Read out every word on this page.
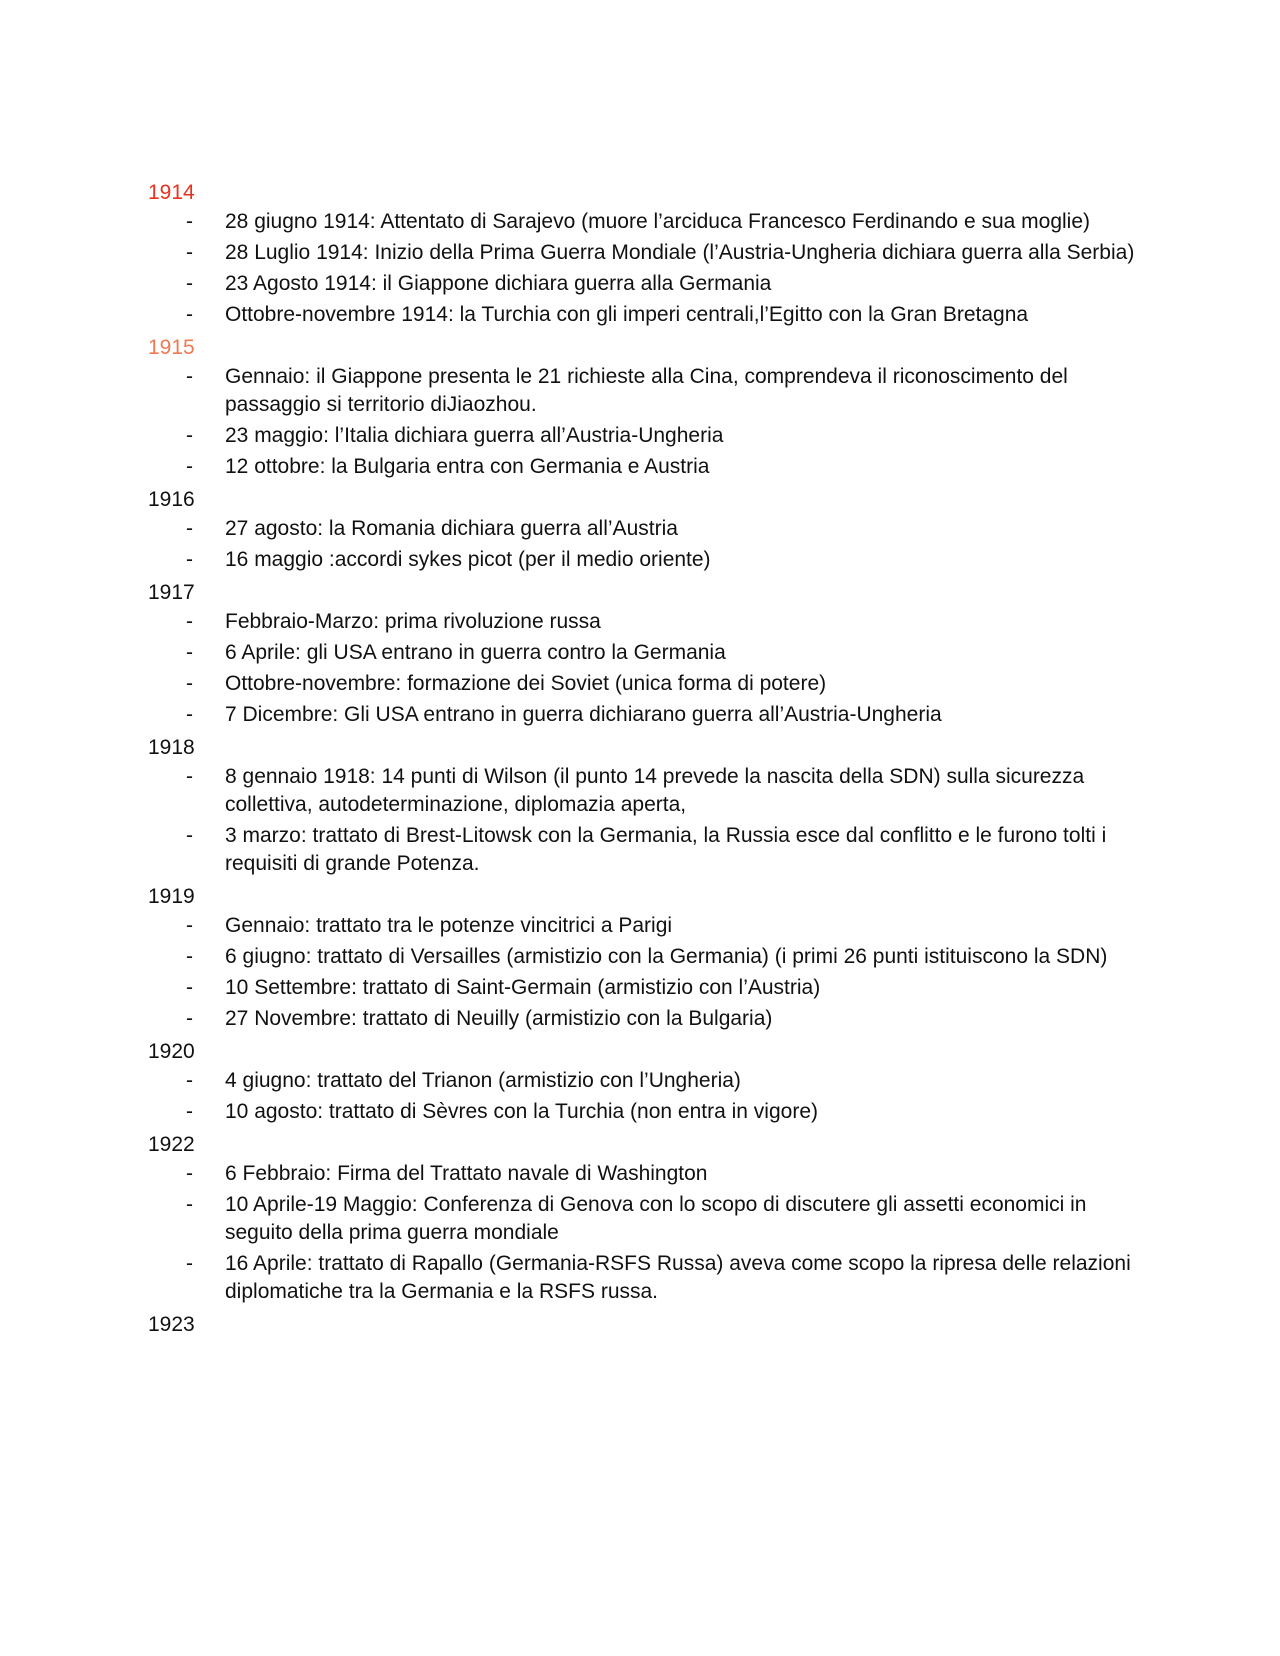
1914
- 28 giugno 1914: Attentato di Sarajevo (muore l’arciduca Francesco Ferdinando e sua moglie)
- 28 Luglio 1914: Inizio della Prima Guerra Mondiale (l’Austria-Ungheria dichiara guerra alla Serbia)
- 23 Agosto 1914: il Giappone dichiara guerra alla Germania
- Ottobre-novembre 1914: la Turchia con gli imperi centrali,l’Egitto con la Gran Bretagna
1915
- Gennaio: il Giappone presenta le 21 richieste alla Cina, comprendeva il riconoscimento del passaggio si territorio diJiaozhou.
- 23 maggio: l’Italia dichiara guerra all’Austria-Ungheria
- 12 ottobre: la Bulgaria entra con Germania e Austria
1916
- 27 agosto: la Romania dichiara guerra all’Austria
- 16 maggio :accordi sykes picot (per il medio oriente)
1917
- Febbraio-Marzo: prima rivoluzione russa
- 6 Aprile: gli USA entrano in guerra contro la Germania
- Ottobre-novembre: formazione dei Soviet (unica forma di potere)
- 7 Dicembre: Gli USA entrano in guerra dichiarano guerra all’Austria-Ungheria
1918
- 8 gennaio 1918: 14 punti di Wilson (il punto 14 prevede la nascita della SDN) sulla sicurezza collettiva, autodeterminazione, diplomazia aperta,
- 3 marzo: trattato di Brest-Litowsk con la Germania, la Russia esce dal conflitto e le furono tolti i requisiti di grande Potenza.
1919
- Gennaio: trattato tra le potenze vincitrici a Parigi
- 6 giugno: trattato di Versailles (armistizio con la Germania) (i primi 26 punti istituiscono la SDN)
- 10 Settembre: trattato di Saint-Germain (armistizio con l’Austria)
- 27 Novembre: trattato di Neuilly (armistizio con la Bulgaria)
1920
- 4 giugno: trattato del Trianon (armistizio con l’Ungheria)
- 10 agosto: trattato di Sèvres con la Turchia (non entra in vigore)
1922
- 6 Febbraio: Firma del Trattato navale di Washington
- 10 Aprile-19 Maggio: Conferenza di Genova con lo scopo di discutere gli assetti economici in seguito della prima guerra mondiale
- 16 Aprile: trattato di Rapallo (Germania-RSFS Russa) aveva come scopo la ripresa delle relazioni diplomatiche tra la Germania e la RSFS russa.
1923
